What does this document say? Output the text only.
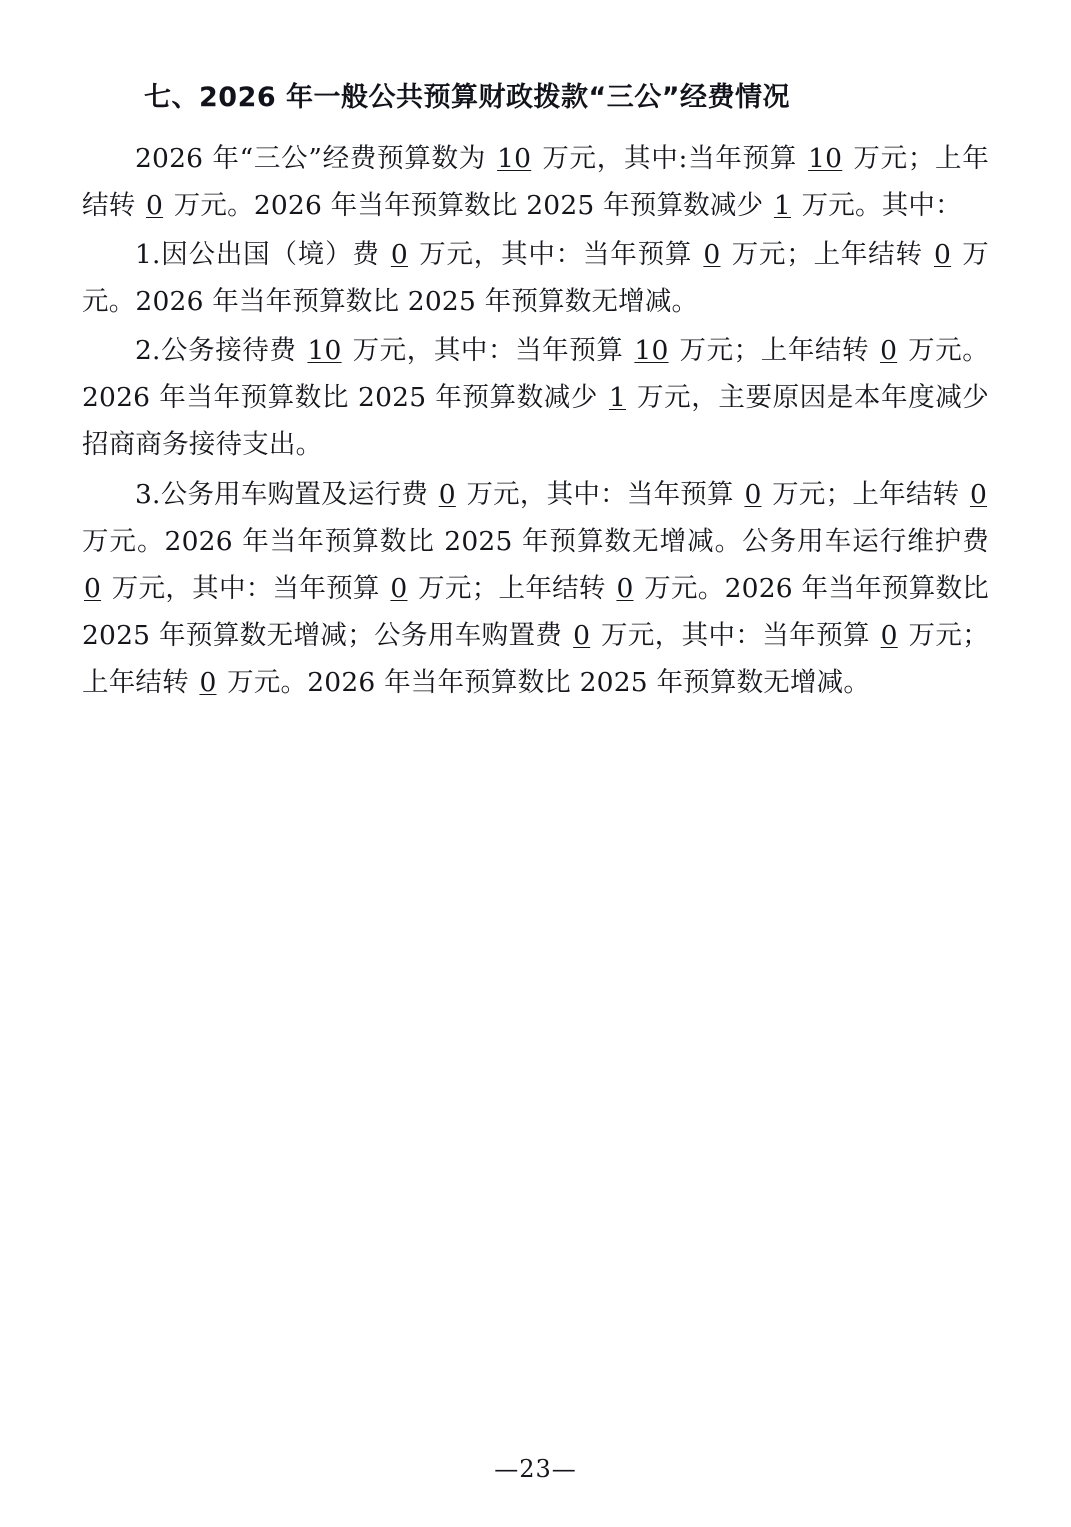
七、2026 年一般公共预算财政拨款“三公”经费情况

2026 年“三公”经费预算数为 10 万元，其中:当年预算 10 万元；上年结转 0 万元。2026 年当年预算数比 2025 年预算数减少 1 万元。其中：

1.因公出国（境）费 0 万元，其中：当年预算 0 万元；上年结转 0 万元。2026 年当年预算数比 2025 年预算数无增减。

2.公务接待费 10 万元，其中：当年预算 10 万元；上年结转 0 万元。2026 年当年预算数比 2025 年预算数减少 1 万元，主要原因是本年度减少招商商务接待支出。

3.公务用车购置及运行费 0 万元，其中：当年预算 0 万元；上年结转 0 万元。2026 年当年预算数比 2025 年预算数无增减。公务用车运行维护费 0 万元，其中：当年预算 0 万元；上年结转 0 万元。2026 年当年预算数比 2025 年预算数无增减；公务用车购置费 0 万元，其中：当年预算 0 万元；上年结转 0 万元。2026 年当年预算数比 2025 年预算数无增减。

—23—
